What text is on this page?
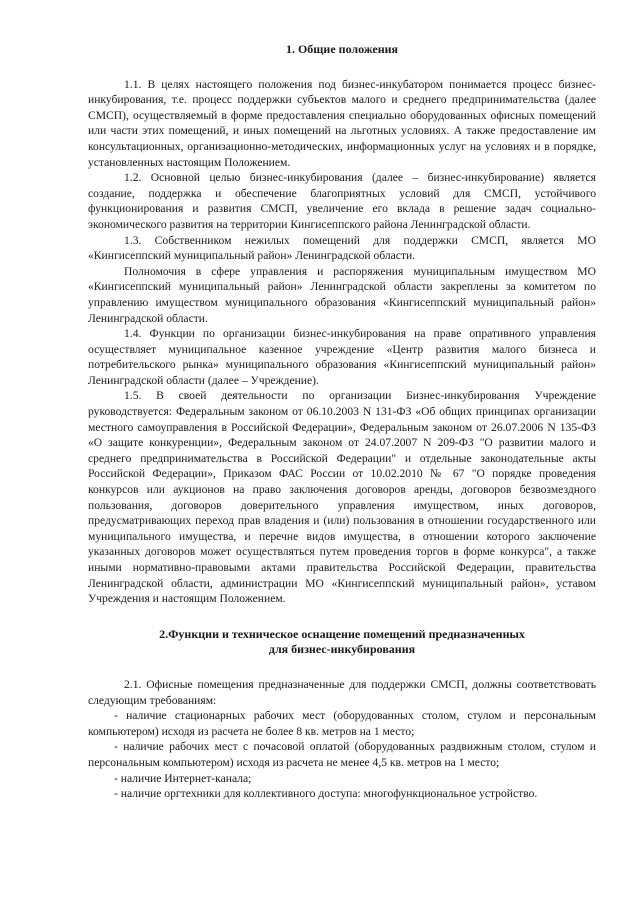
1. Общие положения

1.1. В целях настоящего положения под бизнес-инкубатором понимается процесс бизнес-инкубирования, т.е. процесс поддержки субъектов малого и среднего предпринимательства (далее СМСП), осуществляемый в форме предоставления специально оборудованных офисных помещений или части этих помещений, и иных помещений на льготных условиях. А также предоставление им консультационных, организационно-методических, информационных услуг на условиях и в порядке, установленных настоящим Положением.

1.2. Основной целью бизнес-инкубирования (далее – бизнес-инкубирование) является создание, поддержка и обеспечение благоприятных условий для СМСП, устойчивого функционирования и развития СМСП, увеличение его вклада в решение задач социально-экономического развития на территории Кингисеппского района Ленинградской области.

1.3. Собственником нежилых помещений для поддержки СМСП, является МО «Кингисеппский муниципальный район» Ленинградской области.

Полномочия в сфере управления и распоряжения муниципальным имуществом МО «Кингисеппский муниципальный район» Ленинградской области закреплены за комитетом по управлению имуществом муниципального образования «Кингисеппский муниципальный район» Ленинградской области.

1.4. Функции по организации бизнес-инкубирования на праве опративного управления осуществляет муниципальное казенное учреждение «Центр развития малого бизнеса и потребительского рынка» муниципального образования «Кингисеппский муниципальный район» Ленинградской области (далее – Учреждение).

1.5. В своей деятельности по организации Бизнес-инкубирования Учреждение руководствуется: Федеральным законом от 06.10.2003 N 131-ФЗ «Об общих принципах организации местного самоуправления в Российской Федерации», Федеральным законом от 26.07.2006 N 135-ФЗ «О защите конкуренции», Федеральным законом от 24.07.2007 N 209-ФЗ "О развитии малого и среднего предпринимательства в Российской Федерации" и отдельные законодательные акты Российской Федерации», Приказом ФАС России от 10.02.2010 № 67 "О порядке проведения конкурсов или аукционов на право заключения договоров аренды, договоров безвозмездного пользования, договоров доверительного управления имуществом, иных договоров, предусматривающих переход прав владения и (или) пользования в отношении государственного или муниципального имущества, и перечне видов имущества, в отношении которого заключение указанных договоров может осуществляться путем проведения торгов в форме конкурса", а также иными нормативно-правовыми актами правительства Российской Федерации, правительства Ленинградской области, администрации МО «Кингисеппский муниципальный район», уставом Учреждения и настоящим Положением.

2.Функции и техническое оснащение помещений предназначенных
для бизнес-инкубирования

2.1. Офисные помещения предназначенные для поддержки СМСП, должны соответствовать следующим требованиям:

- наличие стационарных рабочих мест (оборудованных столом, стулом и персональным компьютером) исходя из расчета не более 8 кв. метров на 1 место;

- наличие рабочих мест с почасовой оплатой (оборудованных раздвижным столом, стулом и персональным компьютером) исходя из расчета не менее 4,5 кв. метров на 1 место;

- наличие Интернет-канала;

- наличие оргтехники для коллективного доступа: многофункциональное устройство.
